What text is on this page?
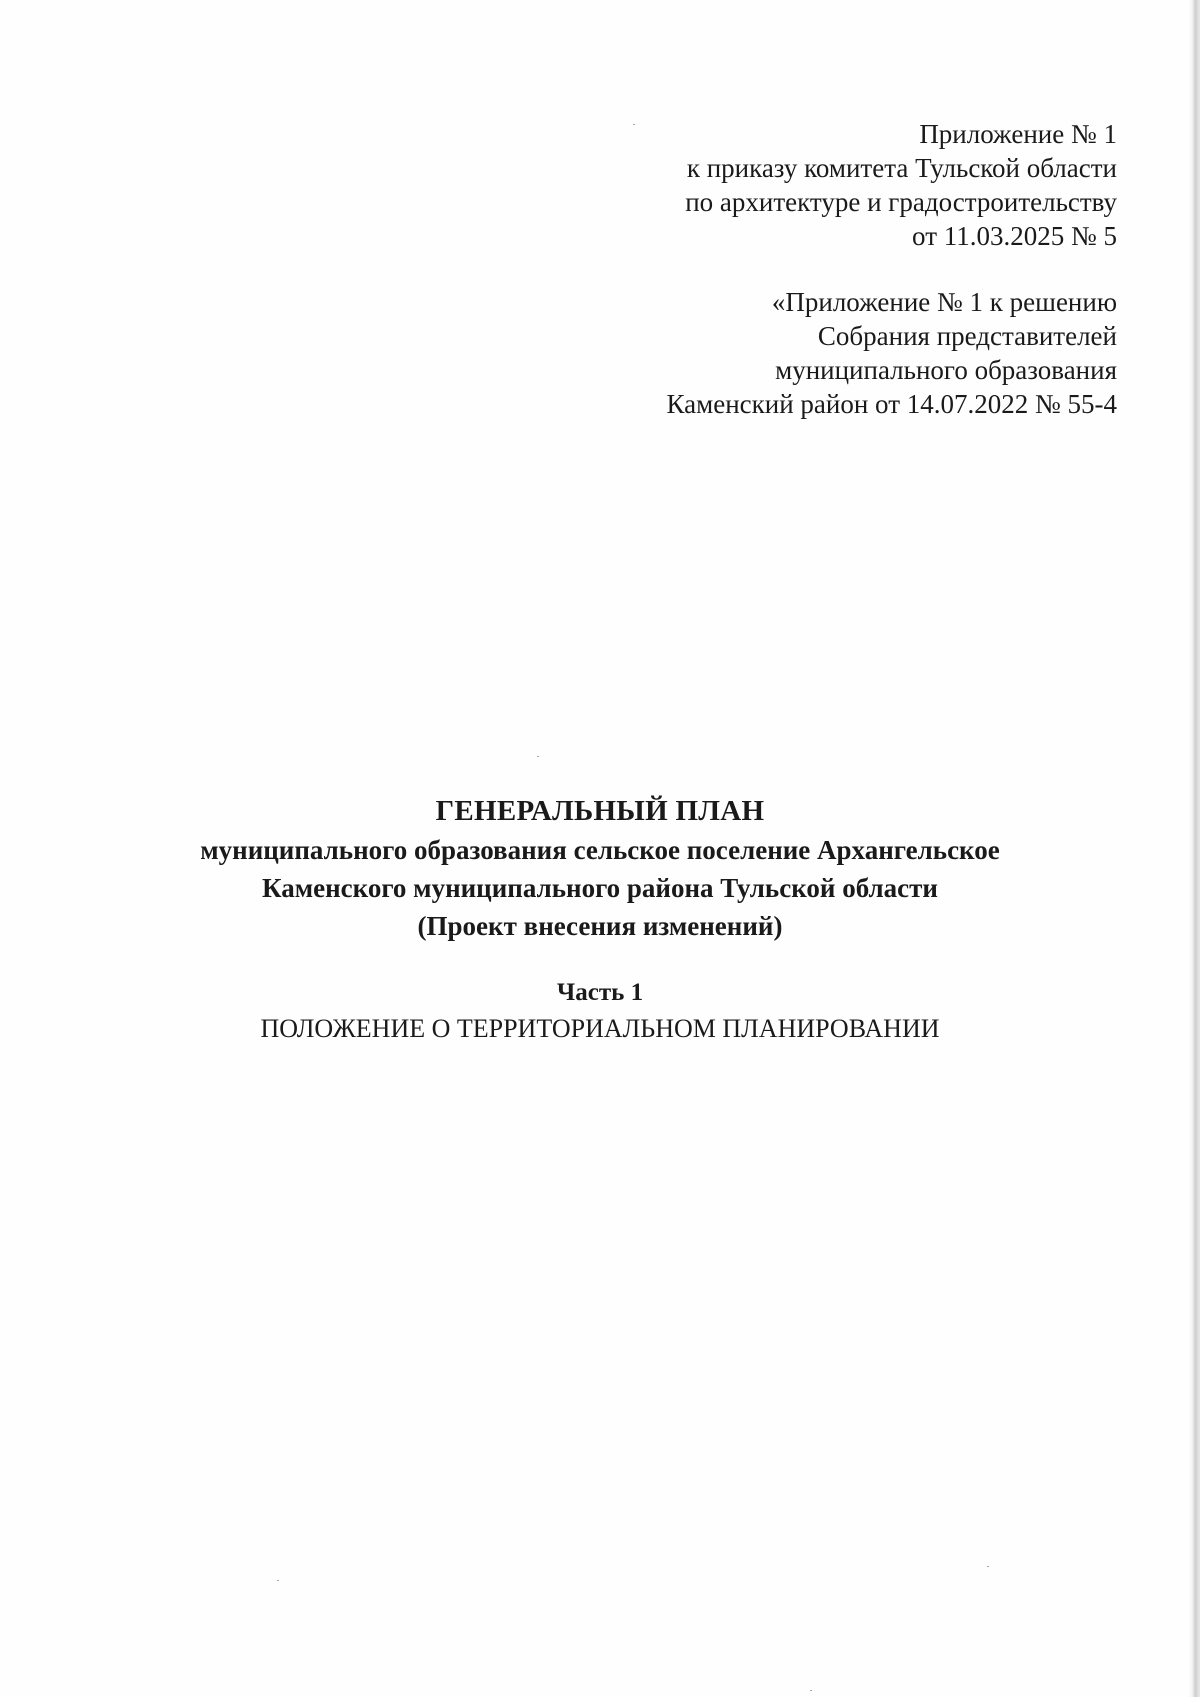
Приложение № 1
к приказу комитета Тульской области
по архитектуре и градостроительству
от 11.03.2025 № 5
«Приложение № 1 к решению
Собрания представителей
муниципального образования
Каменский район от 14.07.2022 № 55-4
ГЕНЕРАЛЬНЫЙ ПЛАН
муниципального образования сельское поселение Архангельское
Каменского муниципального района Тульской области
(Проект внесения изменений)
Часть 1
ПОЛОЖЕНИЕ О ТЕРРИТОРИАЛЬНОМ ПЛАНИРОВАНИИ
